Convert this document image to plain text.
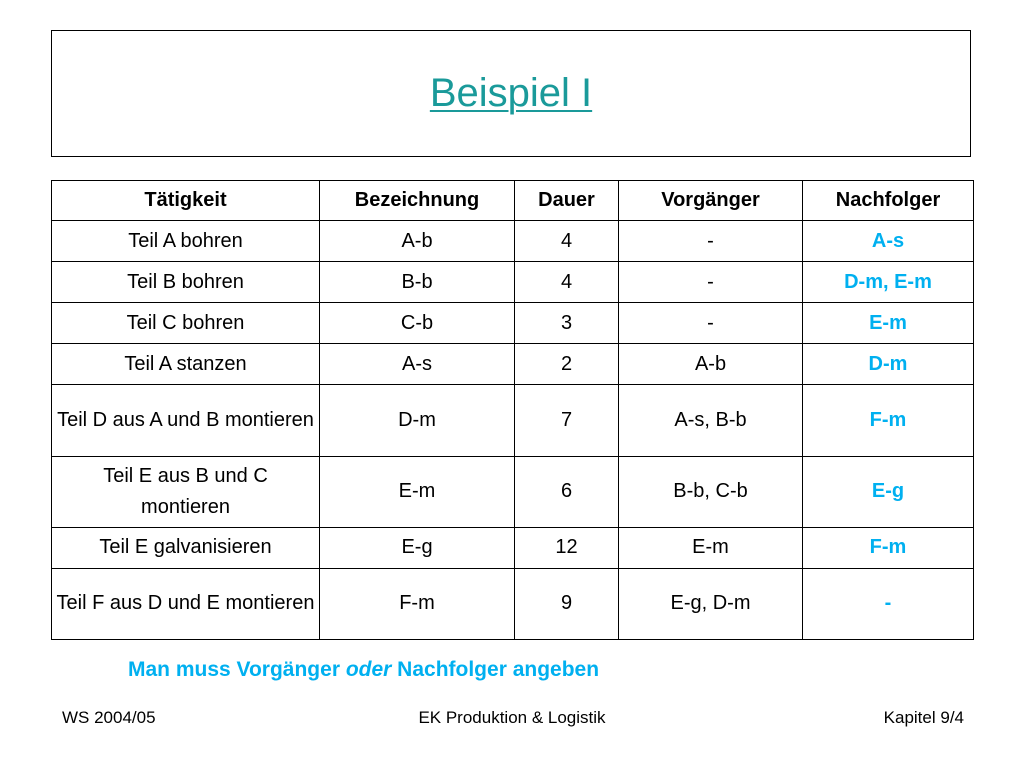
Beispiel I
Tätigkeit	Bezeichnung	Dauer	Vorgänger	Nachfolger
Teil A bohren	A-b	4	-	A-s
Teil B bohren	B-b	4	-	D-m, E-m
Teil C bohren	C-b	3	-	E-m
Teil A stanzen	A-s	2	A-b	D-m
Teil D aus A und B montieren	D-m	7	A-s, B-b	F-m
Teil E aus B und C montieren	E-m	6	B-b, C-b	E-g
Teil E galvanisieren	E-g	12	E-m	F-m
Teil F aus D und E montieren	F-m	9	E-g, D-m	-
Man muss Vorgänger oder Nachfolger angeben
WS 2004/05	EK Produktion & Logistik	Kapitel 9/4
